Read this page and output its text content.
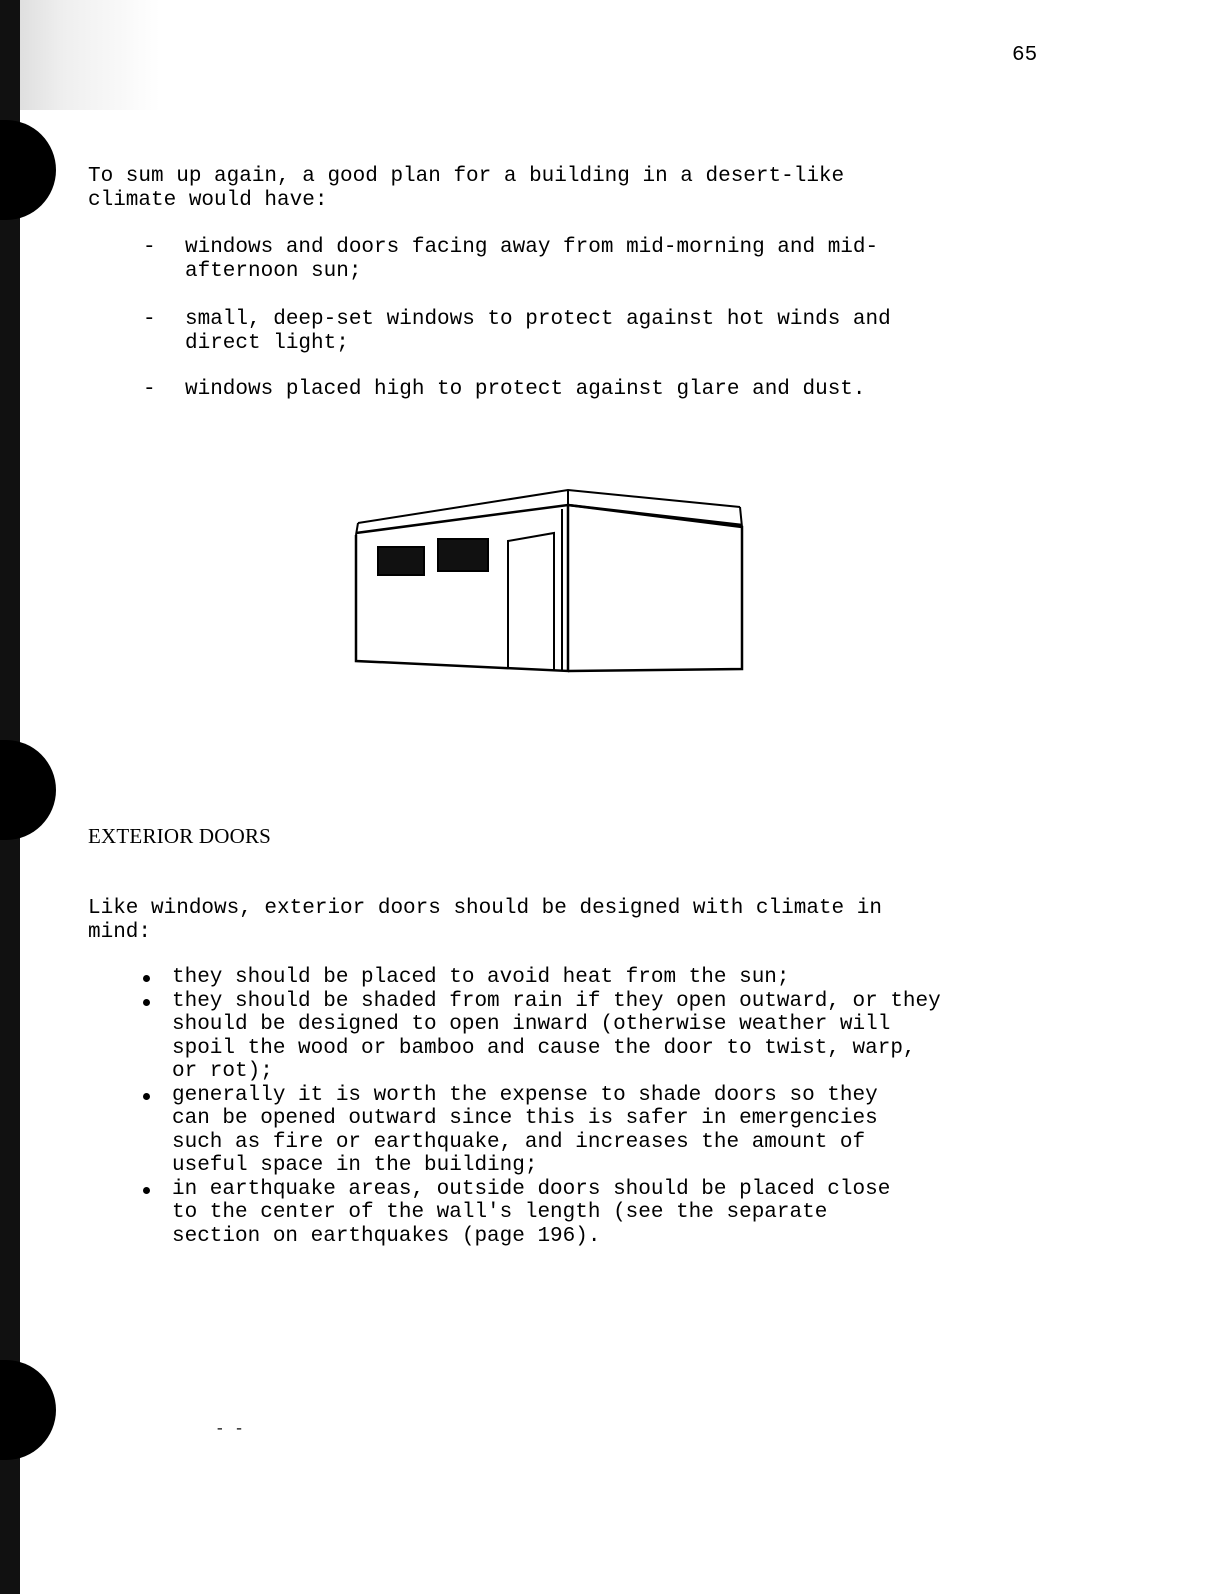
65

To sum up again, a good plan for a building in a desert-like
climate would have:

- windows and doors facing away from mid-morning and mid-
afternoon sun;
- small, deep-set windows to protect against hot winds and
direct light;
- windows placed high to protect against glare and dust.
EXTERIOR DOORS

Like windows, exterior doors should be designed with climate in
mind:

they should be placed to avoid heat from the sun;
they should be shaded from rain if they open outward, or they
should be designed to open inward (otherwise weather will
spoil the wood or bamboo and cause the door to twist, warp,
or rot);
generally it is worth the expense to shade doors so they
can be opened outward since this is safer in emergencies
such as fire or earthquake, and increases the amount of
useful space in the building;
in earthquake areas, outside doors should be placed close
to the center of the wall's length (see the separate
section on earthquakes (page 196).
- -
